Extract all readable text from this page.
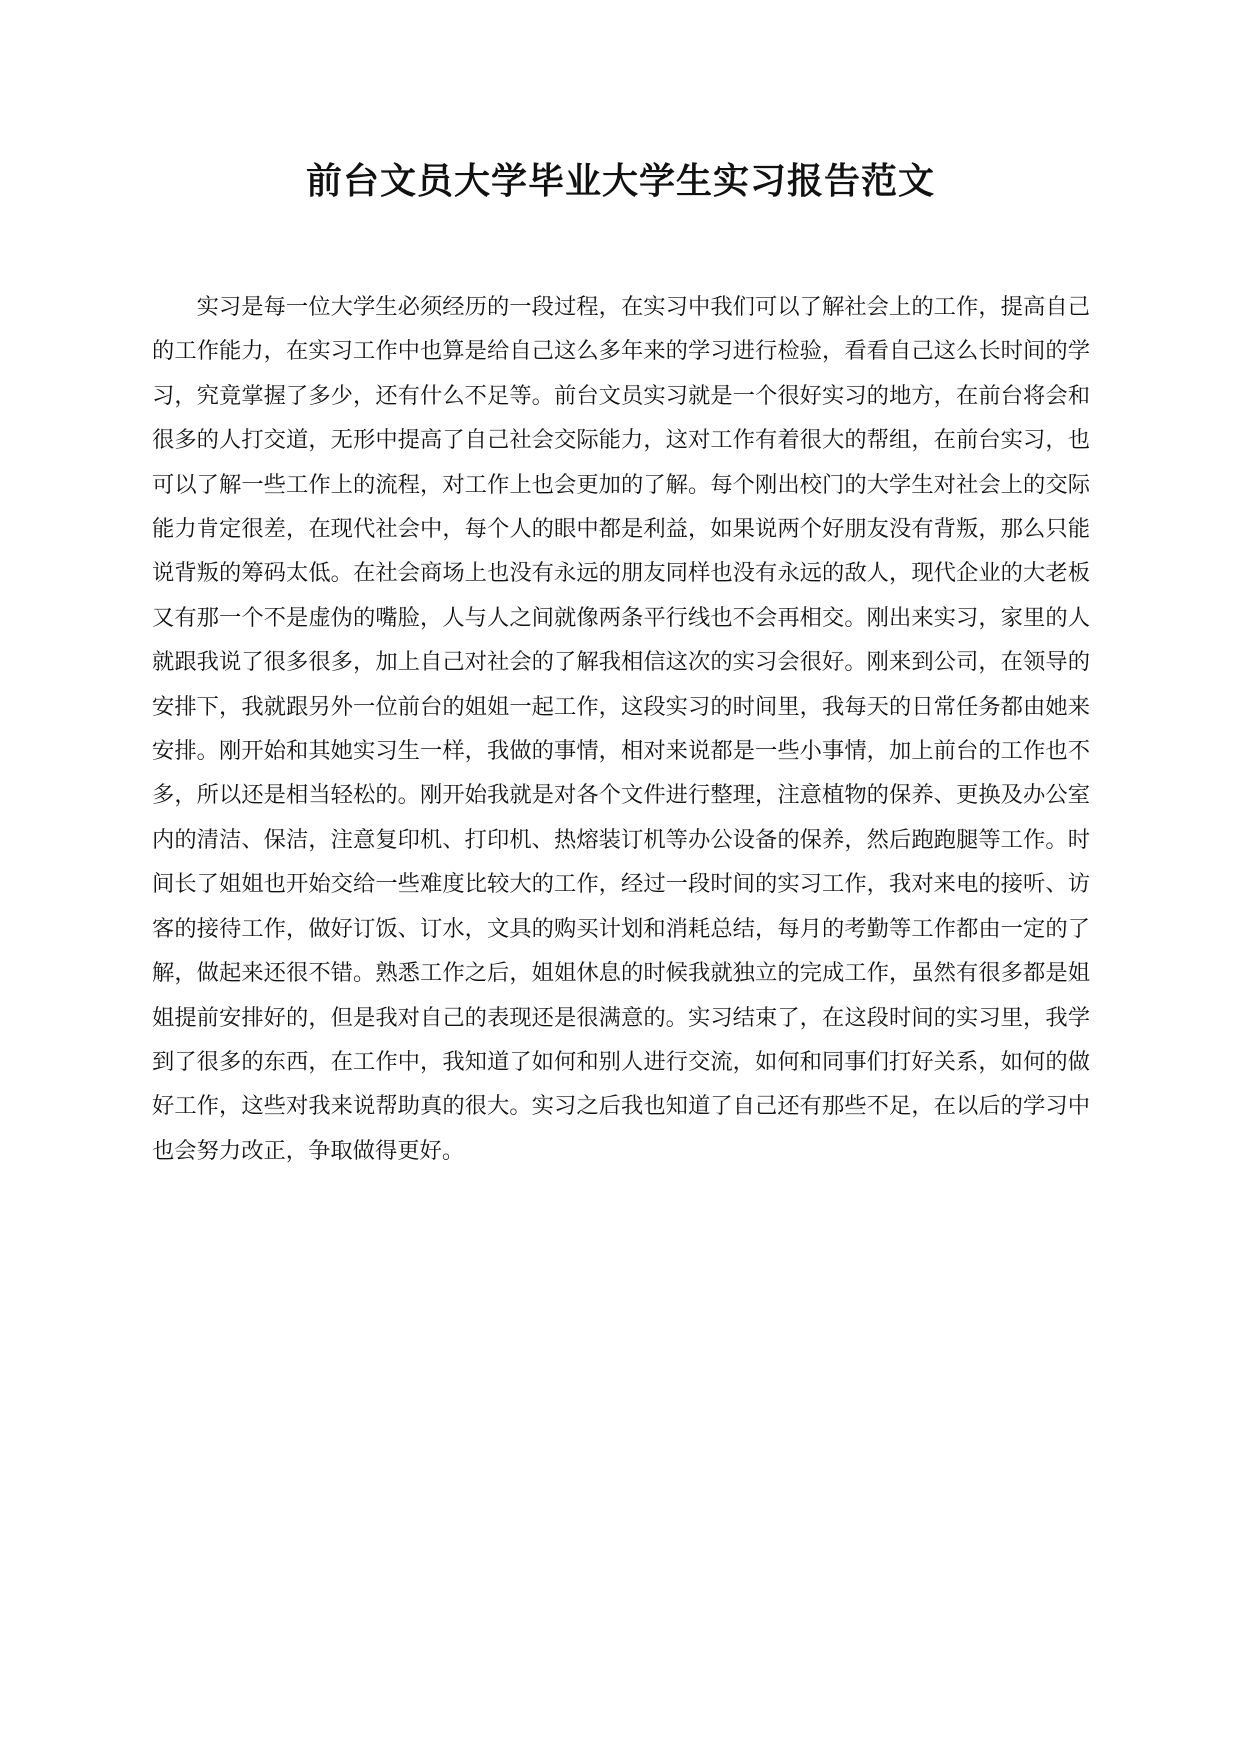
前台文员大学毕业大学生实习报告范文

实习是每一位大学生必须经历的一段过程，在实习中我们可以了解社会上的工作，提高自己的工作能力，在实习工作中也算是给自己这么多年来的学习进行检验，看看自己这么长时间的学习，究竟掌握了多少，还有什么不足等。前台文员实习就是一个很好实习的地方，在前台将会和很多的人打交道，无形中提高了自己社会交际能力，这对工作有着很大的帮组，在前台实习，也可以了解一些工作上的流程，对工作上也会更加的了解。每个刚出校门的大学生对社会上的交际能力肯定很差，在现代社会中，每个人的眼中都是利益，如果说两个好朋友没有背叛，那么只能说背叛的筹码太低。在社会商场上也没有永远的朋友同样也没有永远的敌人，现代企业的大老板又有那一个不是虚伪的嘴脸，人与人之间就像两条平行线也不会再相交。刚出来实习，家里的人就跟我说了很多很多，加上自己对社会的了解我相信这次的实习会很好。刚来到公司，在领导的安排下，我就跟另外一位前台的姐姐一起工作，这段实习的时间里，我每天的日常任务都由她来安排。刚开始和其她实习生一样，我做的事情，相对来说都是一些小事情，加上前台的工作也不多，所以还是相当轻松的。刚开始我就是对各个文件进行整理，注意植物的保养、更换及办公室内的清洁、保洁，注意复印机、打印机、热熔装订机等办公设备的保养，然后跑跑腿等工作。时间长了姐姐也开始交给一些难度比较大的工作，经过一段时间的实习工作，我对来电的接听、访客的接待工作，做好订饭、订水，文具的购买计划和消耗总结，每月的考勤等工作都由一定的了解，做起来还很不错。熟悉工作之后，姐姐休息的时候我就独立的完成工作，虽然有很多都是姐姐提前安排好的，但是我对自己的表现还是很满意的。实习结束了，在这段时间的实习里，我学到了很多的东西，在工作中，我知道了如何和别人进行交流，如何和同事们打好关系，如何的做好工作，这些对我来说帮助真的很大。实习之后我也知道了自己还有那些不足，在以后的学习中也会努力改正，争取做得更好。
